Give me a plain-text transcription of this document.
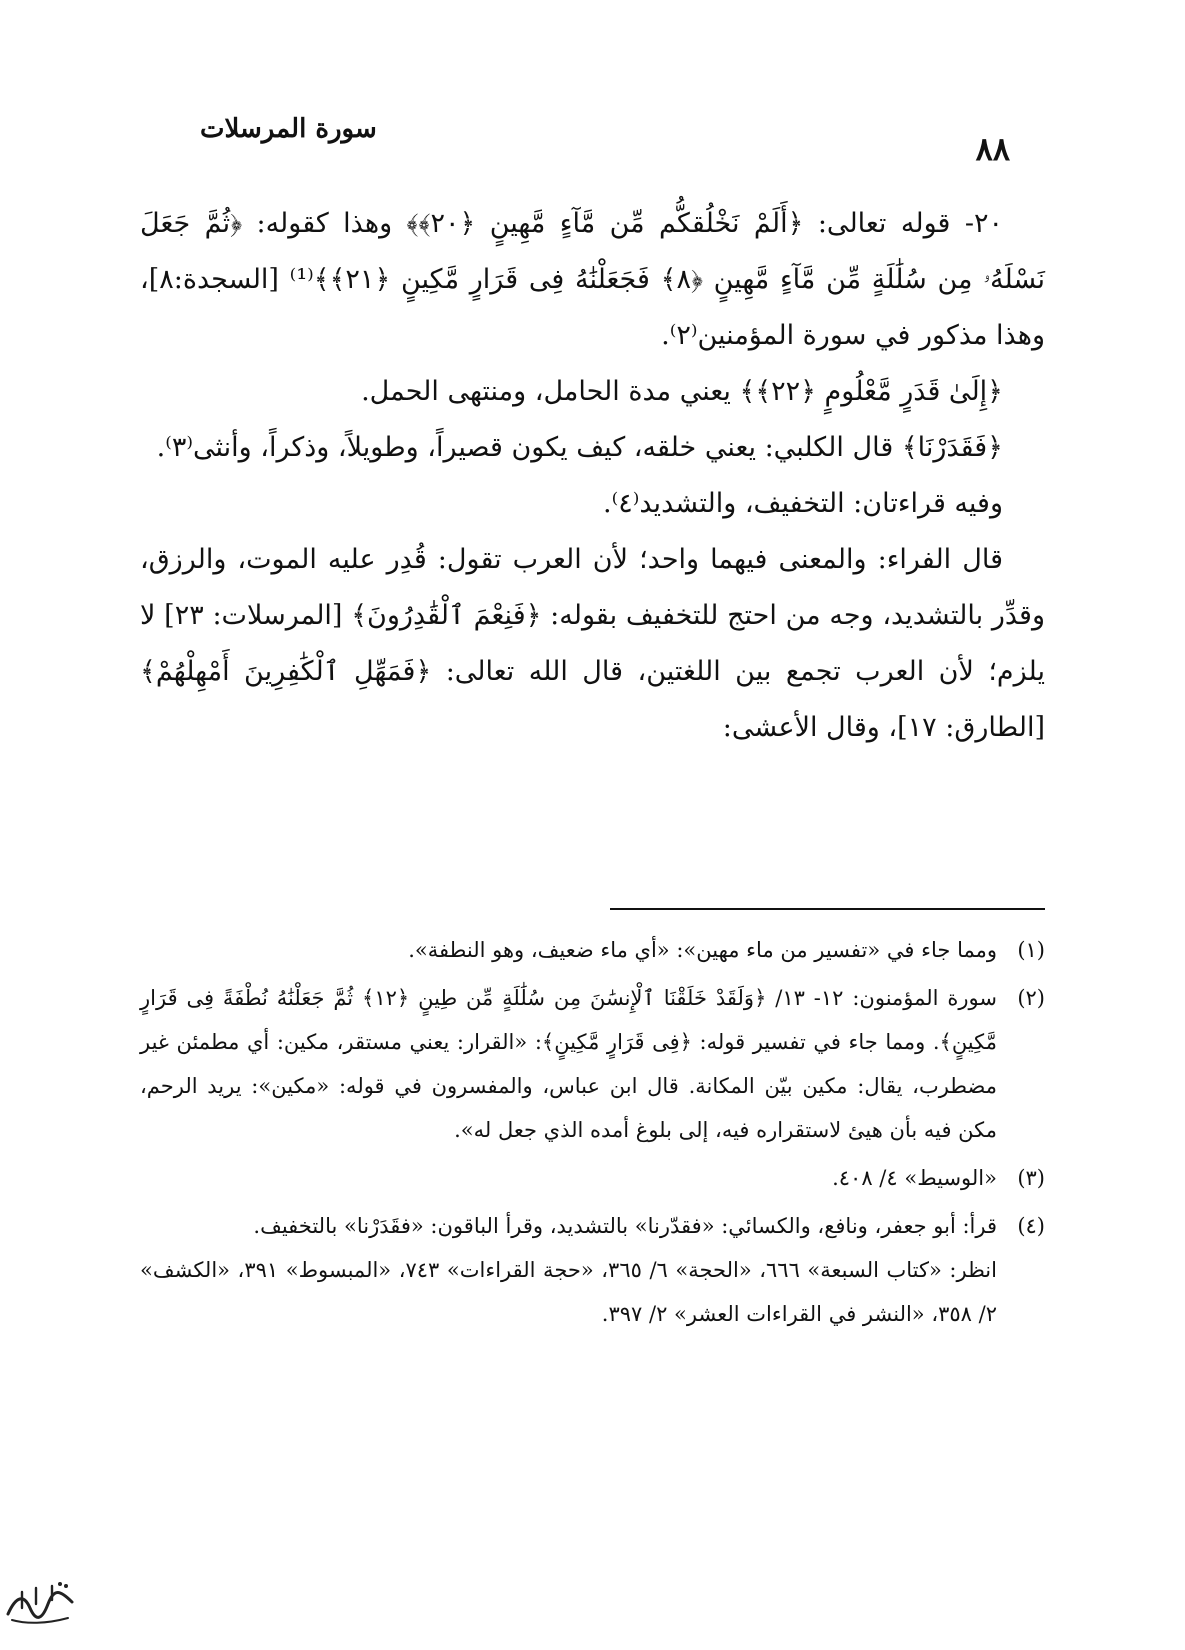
٨٨
سورة المرسلات

٢٠- قوله تعالى: ﴿أَلَمْ نَخْلُقكُّم مِّن مَّآءٍ مَّهِينٍ ﴿٢٠﴾﴾ وهذا كقوله: ﴿ثُمَّ جَعَلَ نَسْلَهُۥ مِن سُلَٰلَةٍ مِّن مَّآءٍ مَّهِينٍ ﴿٨﴾ فَجَعَلْنَٰهُ فِى قَرَارٍ مَّكِينٍ ﴿٢١﴾﴾⁽¹⁾ [السجدة:٨]، وهذا مذكور في سورة المؤمنين⁽٢⁾.

﴿إِلَىٰ قَدَرٍ مَّعْلُومٍ ﴿٢٢﴾﴾ يعني مدة الحامل، ومنتهى الحمل.

﴿فَقَدَرْنَا﴾ قال الكلبي: يعني خلقه، كيف يكون قصيراً، وطويلاً، وذكراً، وأنثى⁽٣⁾.

وفيه قراءتان: التخفيف، والتشديد⁽٤⁾.

قال الفراء: والمعنى فيهما واحد؛ لأن العرب تقول: قُدِر عليه الموت، والرزق، وقدِّر بالتشديد، وجه من احتج للتخفيف بقوله: ﴿فَنِعْمَ ٱلْقَٰدِرُونَ﴾ [المرسلات: ٢٣] لا يلزم؛ لأن العرب تجمع بين اللغتين، قال الله تعالى: ﴿فَمَهِّلِ ٱلْكَٰفِرِينَ أَمْهِلْهُمْ﴾ [الطارق: ١٧]، وقال الأعشى:

(١)
ومما جاء في «تفسير من ماء مهين»: «أي ماء ضعيف، وهو النطفة».
(٢)
سورة المؤمنون: ١٢- ١٣/ ﴿وَلَقَدْ خَلَقْنَا ٱلْإِنسَٰنَ مِن سُلَٰلَةٍ مِّن طِينٍ ﴿١٢﴾ ثُمَّ جَعَلْنَٰهُ نُطْفَةً فِى قَرَارٍ مَّكِينٍ﴾. ومما جاء في تفسير قوله: ﴿فِى قَرَارٍ مَّكِينٍ﴾: «القرار: يعني مستقر، مكين: أي مطمئن غير مضطرب، يقال: مكين بيّن المكانة. قال ابن عباس، والمفسرون في قوله: «مكين»: يريد الرحم، مكن فيه بأن هيئ لاستقراره فيه، إلى بلوغ أمده الذي جعل له».
(٣)
«الوسيط» ٤/ ٤٠٨.
(٤)
قرأ: أبو جعفر، ونافع، والكسائي: «فقدّرنا» بالتشديد، وقرأ الباقون: «فقَدَرْنا» بالتخفيف.

انظر: «كتاب السبعة» ٦٦٦، «الحجة» ٦/ ٣٦٥، «حجة القراءات» ٧٤٣، «المبسوط» ٣٩١، «الكشف» ٢/ ٣٥٨، «النشر في القراءات العشر» ٢/ ٣٩٧.
